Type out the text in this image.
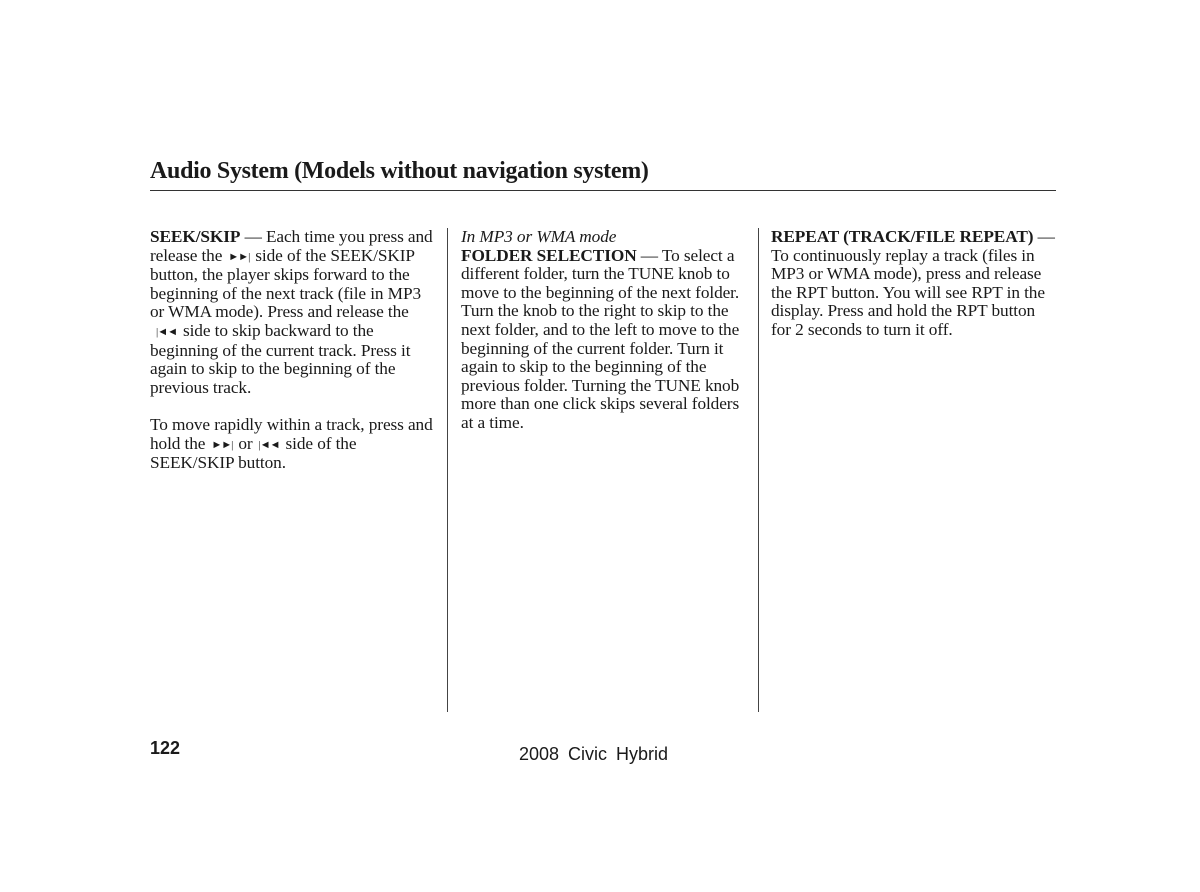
Audio System (Models without navigation system)

SEEK/SKIP — Each time you press and release the ►►| side of the SEEK/SKIP button, the player skips forward to the beginning of the next track (file in MP3 or WMA mode). Press and release the|◄◄ side to skip backward to the beginning of the current track. Press it again to skip to the beginning of the previous track.

To move rapidly within a track, press and hold the ►►| or |◄◄ side of the SEEK/SKIP button.

In MP3 or WMA mode

FOLDER SELECTION — To select a different folder, turn the TUNE knob to move to the beginning of the next folder. Turn the knob to the right to skip to the next folder, and to the left to move to the beginning of the current folder. Turn it again to skip to the beginning of the previous folder. Turning the TUNE knob more than one click skips several folders at a time.

REPEAT (TRACK/FILE REPEAT) — To continuously replay a track (files in MP3 or WMA mode), press and release the RPT button. You will see RPT in the display. Press and hold the RPT button for 2 seconds to turn it off.

122	2008 Civic Hybrid
